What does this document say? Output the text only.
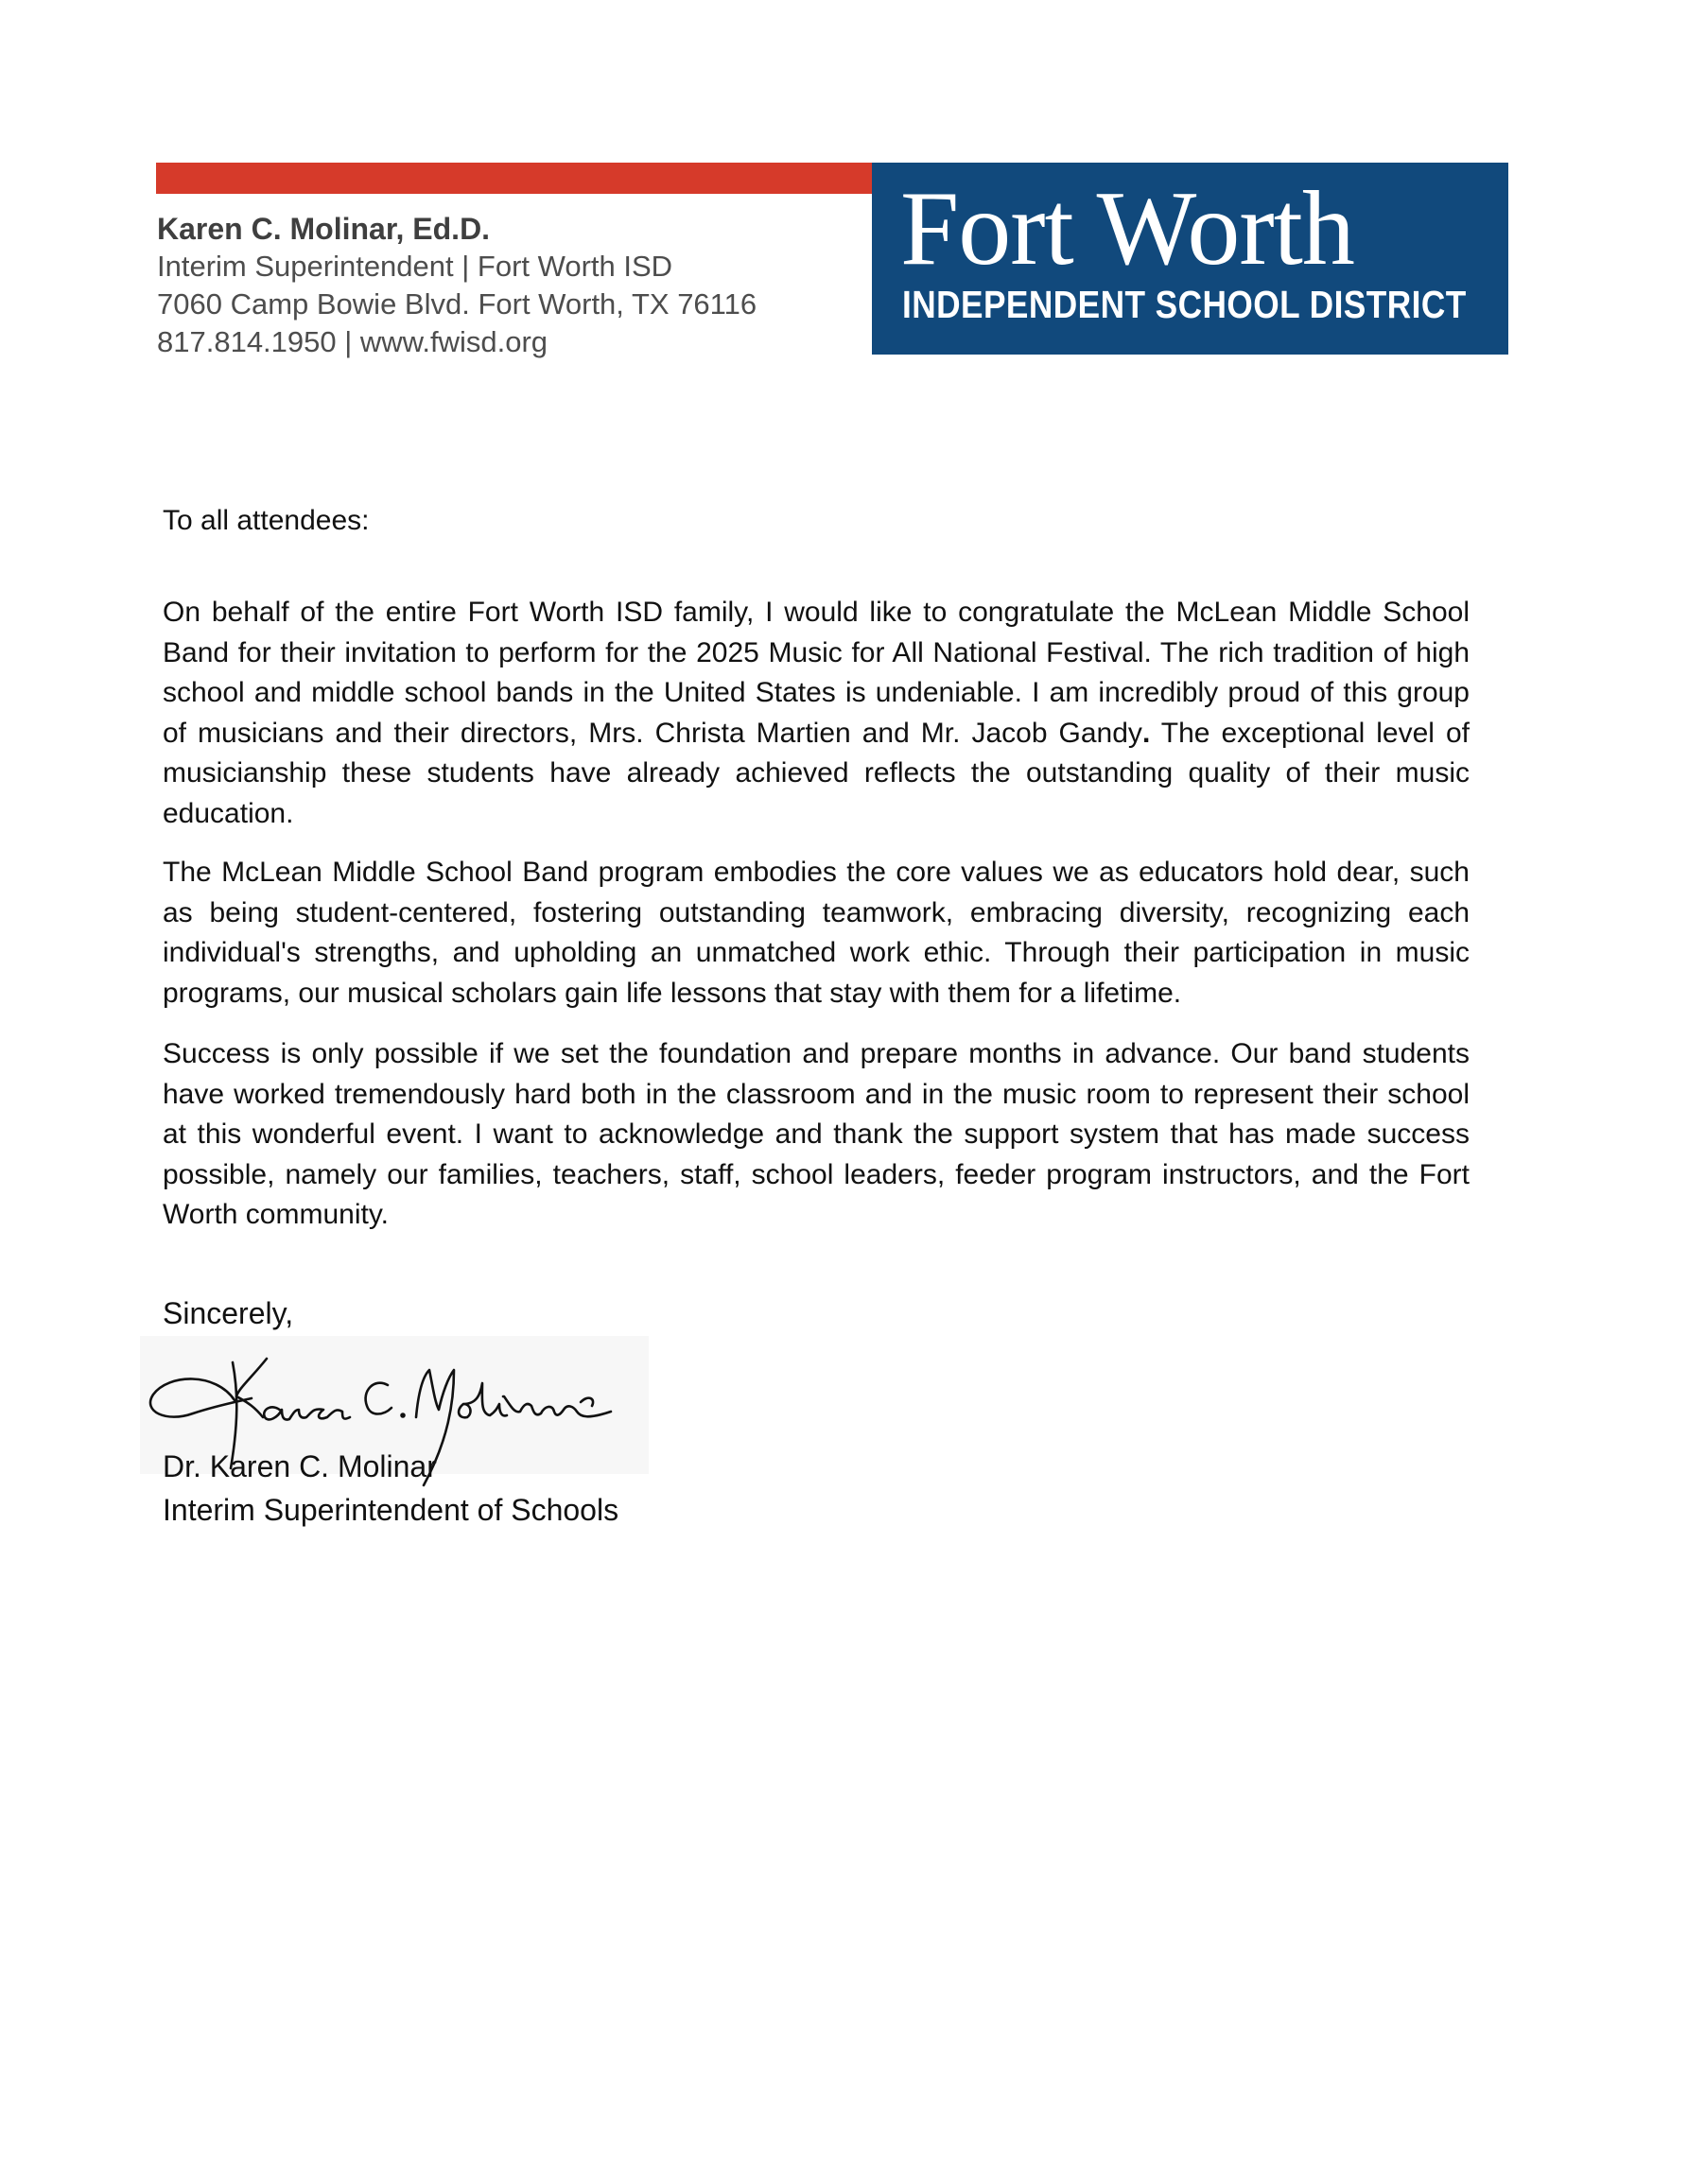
Fort Worth
INDEPENDENT SCHOOL DISTRICT
Karen C. Molinar, Ed.D.
Interim Superintendent | Fort Worth ISD
7060 Camp Bowie Blvd. Fort Worth, TX 76116
817.814.1950 | www.fwisd.org
To all attendees:
On behalf of the entire Fort Worth ISD family, I would like to congratulate the McLean Middle School Band for their invitation to perform for the 2025 Music for All National Festival. The rich tradition of high school and middle school bands in the United States is undeniable. I am incredibly proud of this group of musicians and their directors, Mrs. Christa Martien and Mr. Jacob Gandy. The exceptional level of musicianship these students have already achieved reflects the outstanding quality of their music education.
The McLean Middle School Band program embodies the core values we as educators hold dear, such as being student-centered, fostering outstanding teamwork, embracing diversity, recognizing each individual's strengths, and upholding an unmatched work ethic. Through their participation in music programs, our musical scholars gain life lessons that stay with them for a lifetime.
Success is only possible if we set the foundation and prepare months in advance. Our band students have worked tremendously hard both in the classroom and in the music room to represent their school at this wonderful event. I want to acknowledge and thank the support system that has made success possible, namely our families, teachers, staff, school leaders, feeder program instructors, and the Fort Worth community.
Sincerely,
Dr. Karen C. Molinar
Interim Superintendent of Schools
